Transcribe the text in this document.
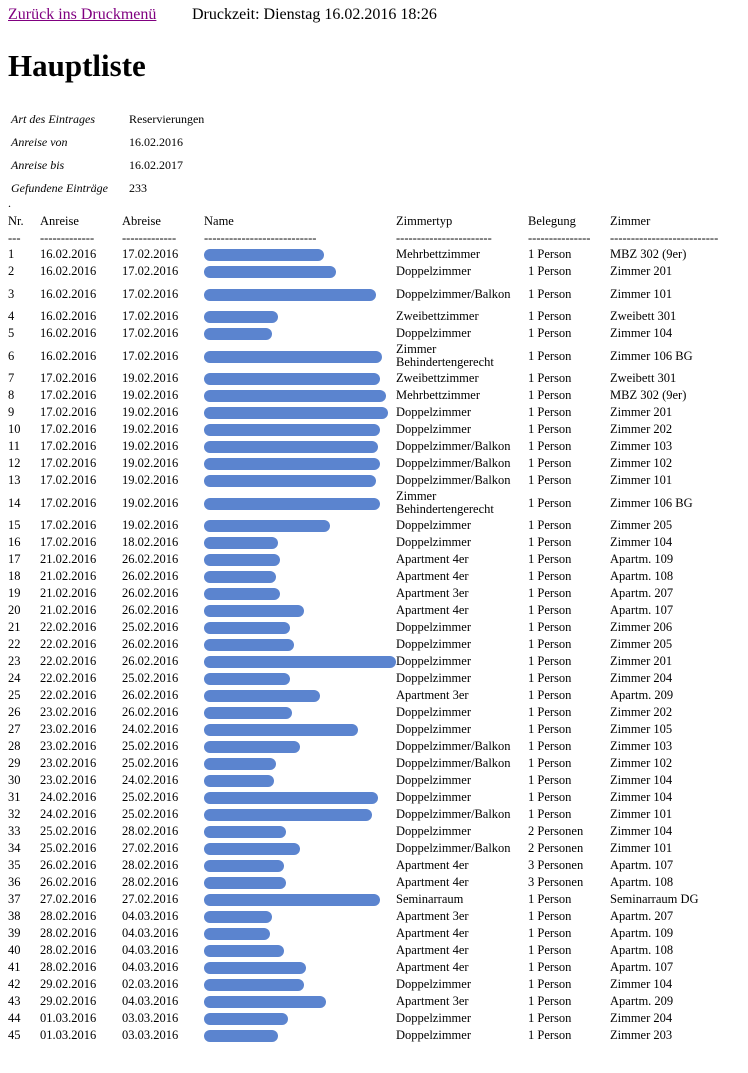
Zurück ins Druckmenü Druckzeit: Dienstag 16.02.2016 18:26
Hauptliste
Art des Eintrages	Reservierungen
Anreise von	16.02.2016
Anreise bis	16.02.2017
Gefundene Einträge	233
.
Nr.	Anreise	Abreise	Name	Zimmertyp	Belegung	Zimmer
---	-------------	-------------	---------------------------	-----------------------	---------------	--------------------------
1	16.02.2016	17.02.2016		Mehrbettzimmer	1 Person	MBZ 302 (9er)
2	16.02.2016	17.02.2016		Doppelzimmer	1 Person	Zimmer 201
3	16.02.2016	17.02.2016		Doppelzimmer/Balkon	1 Person	Zimmer 101
4	16.02.2016	17.02.2016		Zweibettzimmer	1 Person	Zweibett 301
5	16.02.2016	17.02.2016		Doppelzimmer	1 Person	Zimmer 104
6	16.02.2016	17.02.2016		Zimmer Behindertengerecht	1 Person	Zimmer 106 BG
7	17.02.2016	19.02.2016		Zweibettzimmer	1 Person	Zweibett 301
8	17.02.2016	19.02.2016		Mehrbettzimmer	1 Person	MBZ 302 (9er)
9	17.02.2016	19.02.2016		Doppelzimmer	1 Person	Zimmer 201
10	17.02.2016	19.02.2016		Doppelzimmer	1 Person	Zimmer 202
11	17.02.2016	19.02.2016		Doppelzimmer/Balkon	1 Person	Zimmer 103
12	17.02.2016	19.02.2016		Doppelzimmer/Balkon	1 Person	Zimmer 102
13	17.02.2016	19.02.2016		Doppelzimmer/Balkon	1 Person	Zimmer 101
14	17.02.2016	19.02.2016		Zimmer Behindertengerecht	1 Person	Zimmer 106 BG
15	17.02.2016	19.02.2016		Doppelzimmer	1 Person	Zimmer 205
16	17.02.2016	18.02.2016		Doppelzimmer	1 Person	Zimmer 104
17	21.02.2016	26.02.2016		Apartment 4er	1 Person	Apartm. 109
18	21.02.2016	26.02.2016		Apartment 4er	1 Person	Apartm. 108
19	21.02.2016	26.02.2016		Apartment 3er	1 Person	Apartm. 207
20	21.02.2016	26.02.2016		Apartment 4er	1 Person	Apartm. 107
21	22.02.2016	25.02.2016		Doppelzimmer	1 Person	Zimmer 206
22	22.02.2016	26.02.2016		Doppelzimmer	1 Person	Zimmer 205
23	22.02.2016	26.02.2016		Doppelzimmer	1 Person	Zimmer 201
24	22.02.2016	25.02.2016		Doppelzimmer	1 Person	Zimmer 204
25	22.02.2016	26.02.2016		Apartment 3er	1 Person	Apartm. 209
26	23.02.2016	26.02.2016		Doppelzimmer	1 Person	Zimmer 202
27	23.02.2016	24.02.2016		Doppelzimmer	1 Person	Zimmer 105
28	23.02.2016	25.02.2016		Doppelzimmer/Balkon	1 Person	Zimmer 103
29	23.02.2016	25.02.2016		Doppelzimmer/Balkon	1 Person	Zimmer 102
30	23.02.2016	24.02.2016		Doppelzimmer	1 Person	Zimmer 104
31	24.02.2016	25.02.2016		Doppelzimmer	1 Person	Zimmer 104
32	24.02.2016	25.02.2016		Doppelzimmer/Balkon	1 Person	Zimmer 101
33	25.02.2016	28.02.2016		Doppelzimmer	2 Personen	Zimmer 104
34	25.02.2016	27.02.2016		Doppelzimmer/Balkon	2 Personen	Zimmer 101
35	26.02.2016	28.02.2016		Apartment 4er	3 Personen	Apartm. 107
36	26.02.2016	28.02.2016		Apartment 4er	3 Personen	Apartm. 108
37	27.02.2016	27.02.2016		Seminarraum	1 Person	Seminarraum DG
38	28.02.2016	04.03.2016		Apartment 3er	1 Person	Apartm. 207
39	28.02.2016	04.03.2016		Apartment 4er	1 Person	Apartm. 109
40	28.02.2016	04.03.2016		Apartment 4er	1 Person	Apartm. 108
41	28.02.2016	04.03.2016		Apartment 4er	1 Person	Apartm. 107
42	29.02.2016	02.03.2016		Doppelzimmer	1 Person	Zimmer 104
43	29.02.2016	04.03.2016		Apartment 3er	1 Person	Apartm. 209
44	01.03.2016	03.03.2016		Doppelzimmer	1 Person	Zimmer 204
45	01.03.2016	03.03.2016		Doppelzimmer	1 Person	Zimmer 203
